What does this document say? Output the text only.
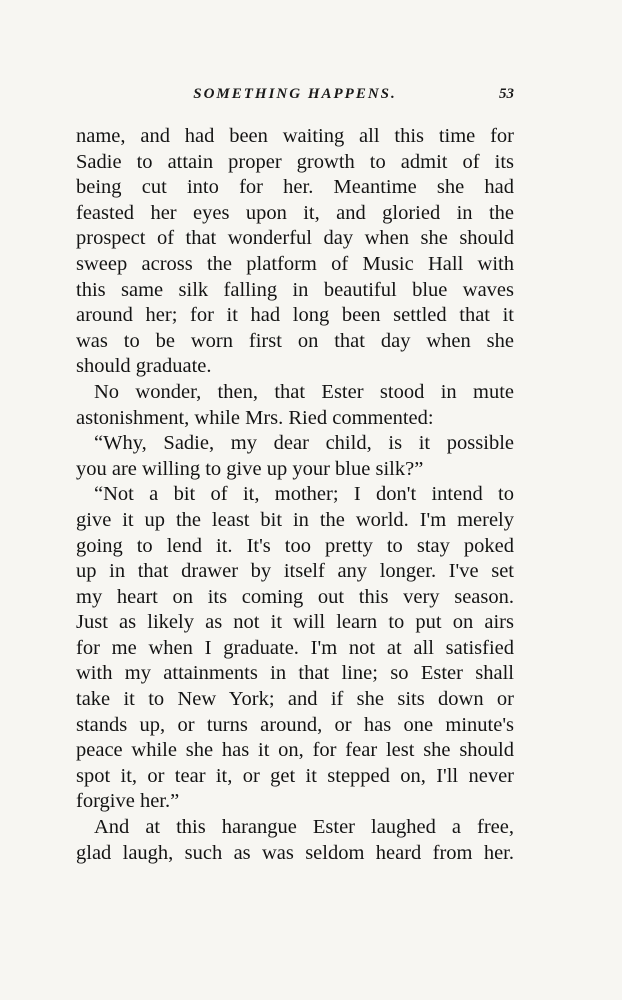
SOMETHING HAPPENS.	53
name, and had been waiting all this time for
Sadie to attain proper growth to admit of its
being cut into for her. Meantime she had
feasted her eyes upon it, and gloried in the
prospect of that wonderful day when she should
sweep across the platform of Music Hall with
this same silk falling in beautiful blue waves
around her; for it had long been settled that it
was to be worn first on that day when she
should graduate.
No wonder, then, that Ester stood in mute
astonishment, while Mrs. Ried commented:
“Why, Sadie, my dear child, is it possible
you are willing to give up your blue silk?”
“Not a bit of it, mother; I don't intend to
give it up the least bit in the world. I'm merely
going to lend it. It's too pretty to stay poked
up in that drawer by itself any longer. I've set
my heart on its coming out this very season.
Just as likely as not it will learn to put on airs
for me when I graduate. I'm not at all satisfied
with my attainments in that line; so Ester shall
take it to New York; and if she sits down or
stands up, or turns around, or has one minute's
peace while she has it on, for fear lest she should
spot it, or tear it, or get it stepped on, I'll never
forgive her.”
And at this harangue Ester laughed a free,
glad laugh, such as was seldom heard from her.
